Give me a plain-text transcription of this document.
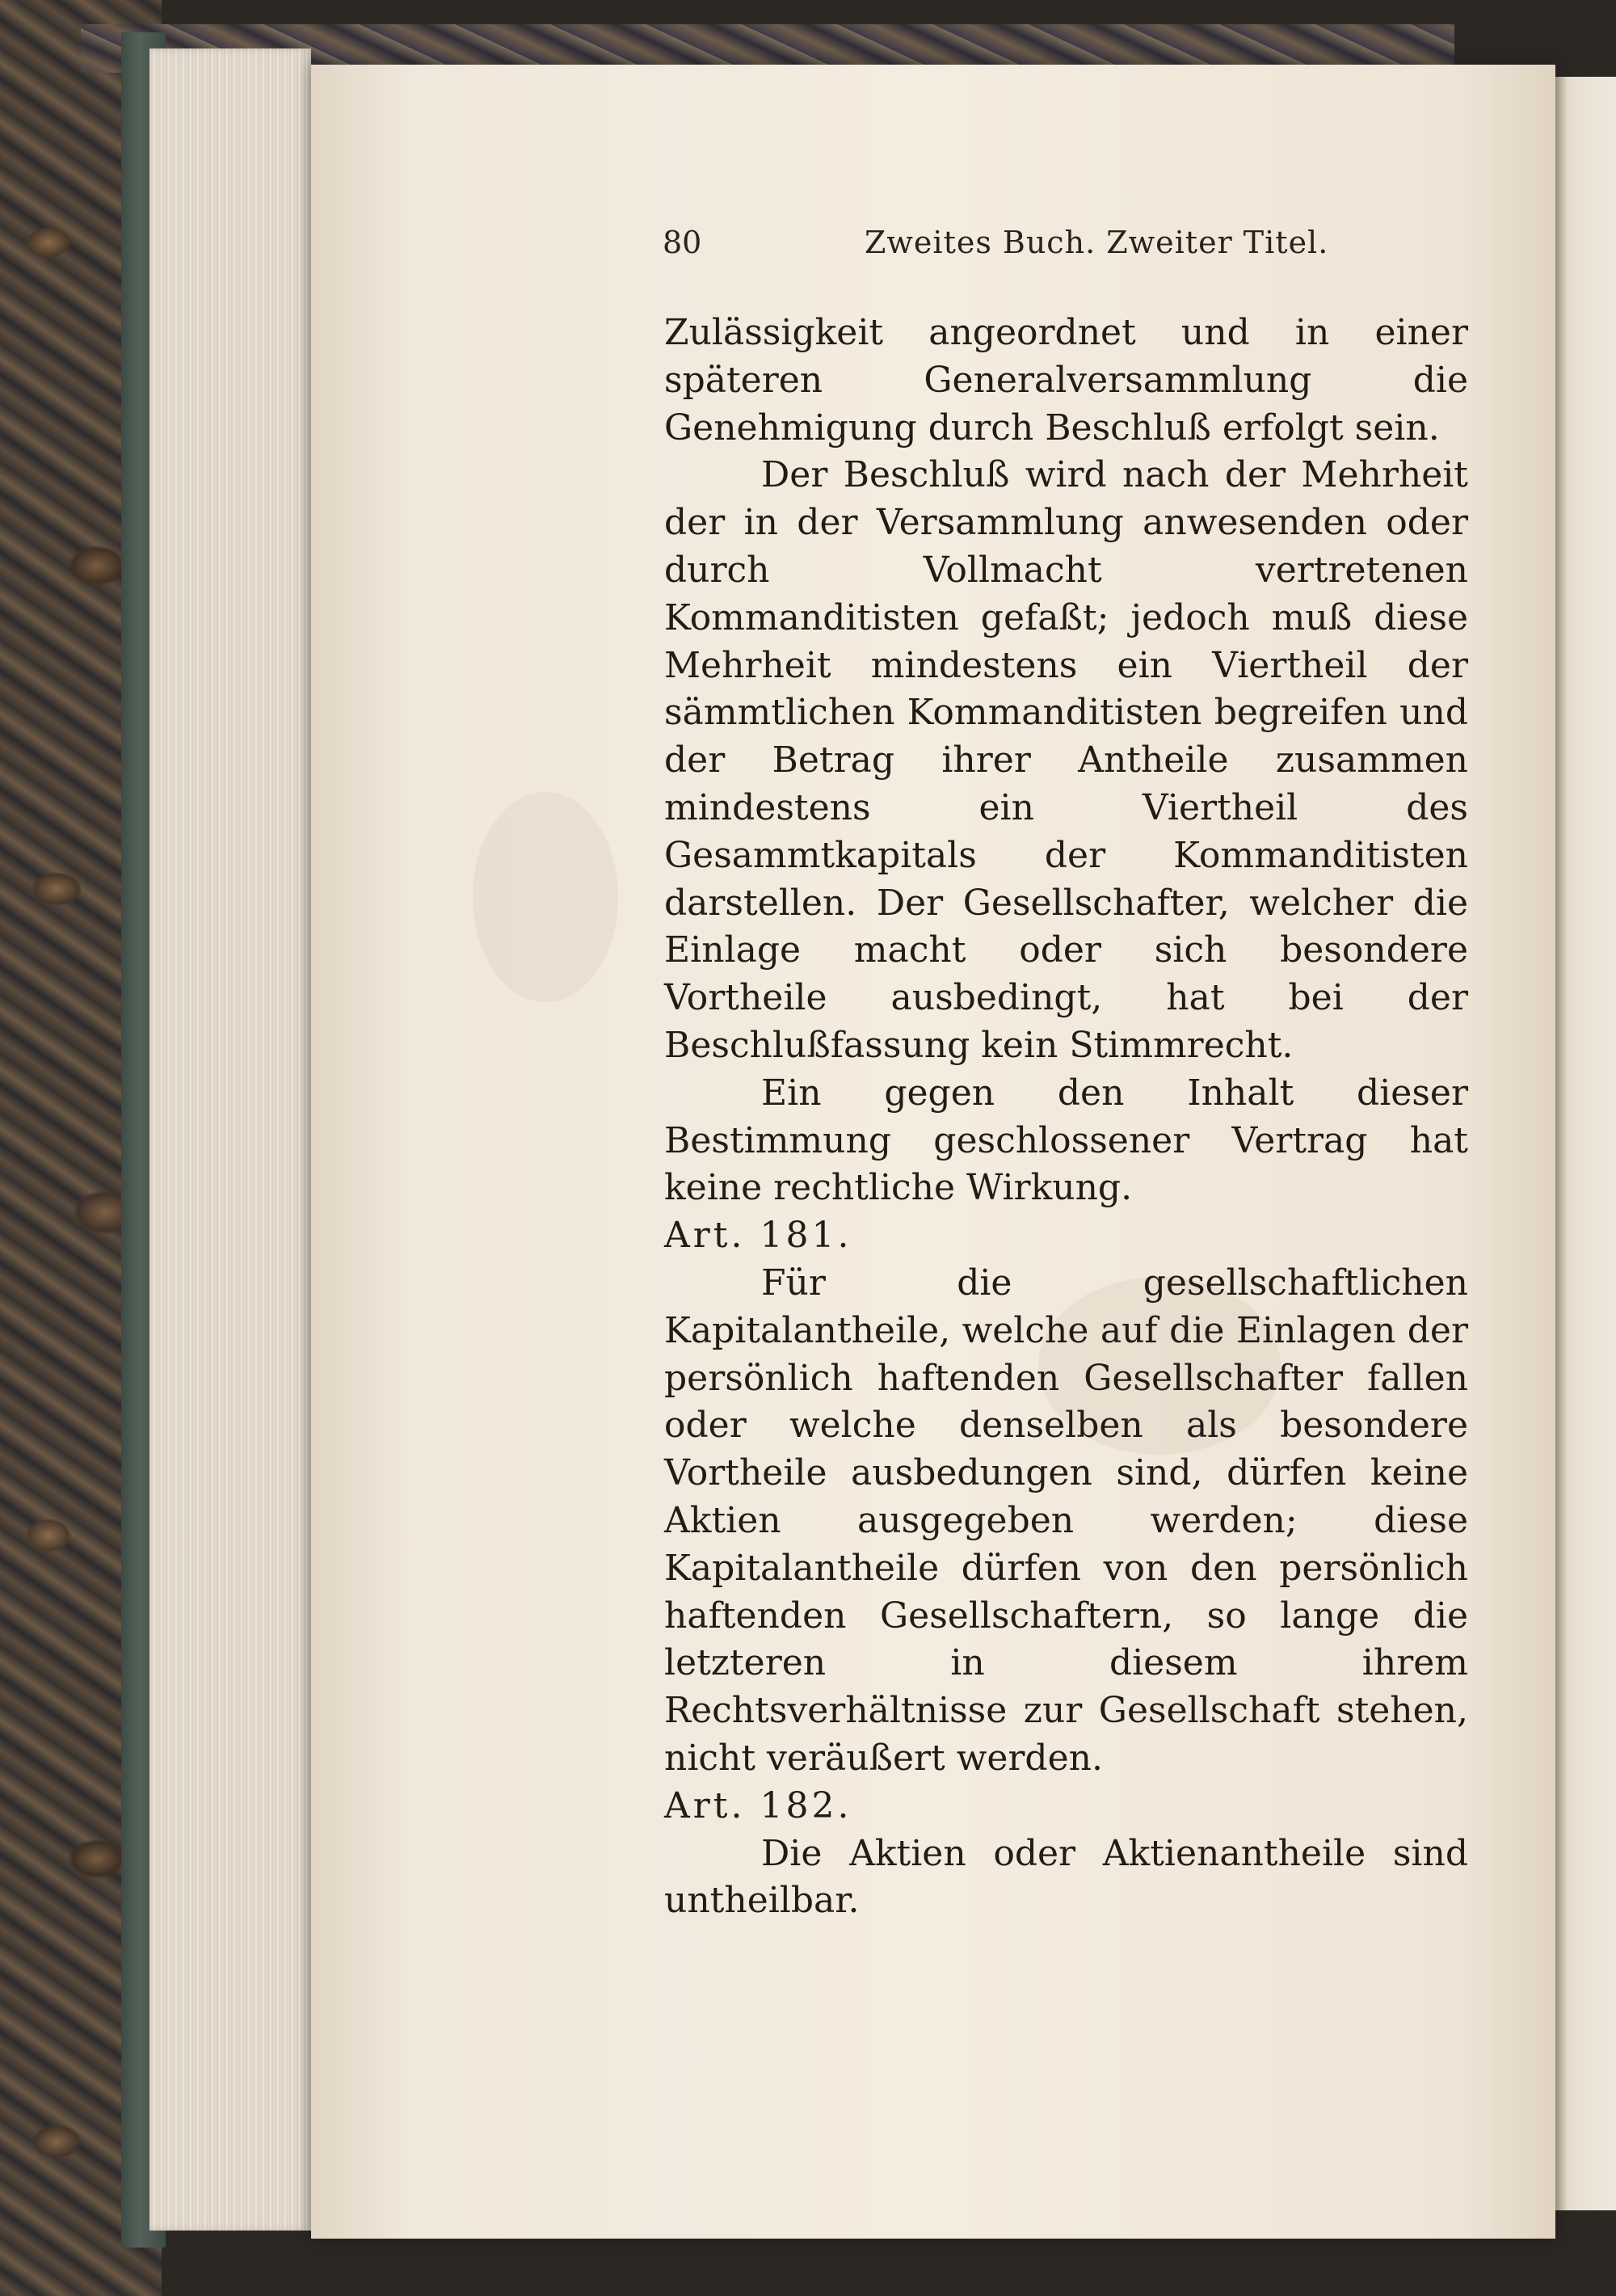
80	Zweites Buch. Zweiter Titel.

Zulässigkeit angeordnet und in einer späteren Generalversammlung die Genehmigung durch Beschluß erfolgt sein.

Der Beschluß wird nach der Mehrheit der in der Versammlung anwesenden oder durch Vollmacht vertretenen Kommanditisten gefaßt; jedoch muß diese Mehrheit mindestens ein Viertheil der sämmtlichen Kommanditisten begreifen und der Betrag ihrer Antheile zusammen mindestens ein Viertheil des Gesammtkapitals der Kommanditisten darstellen. Der Gesellschafter, welcher die Einlage macht oder sich besondere Vortheile ausbedingt, hat bei der Beschlußfassung kein Stimmrecht.

Ein gegen den Inhalt dieser Bestimmung geschlossener Vertrag hat keine rechtliche Wirkung.

Art. 181.

Für die gesellschaftlichen Kapitalantheile, welche auf die Einlagen der persönlich haftenden Gesellschafter fallen oder welche denselben als besondere Vortheile ausbedungen sind, dürfen keine Aktien ausgegeben werden; diese Kapitalantheile dürfen von den persönlich haftenden Gesellschaftern, so lange die letzteren in diesem ihrem Rechtsverhältnisse zur Gesellschaft stehen, nicht veräußert werden.

Art. 182.

Die Aktien oder Aktienantheile sind untheilbar.
